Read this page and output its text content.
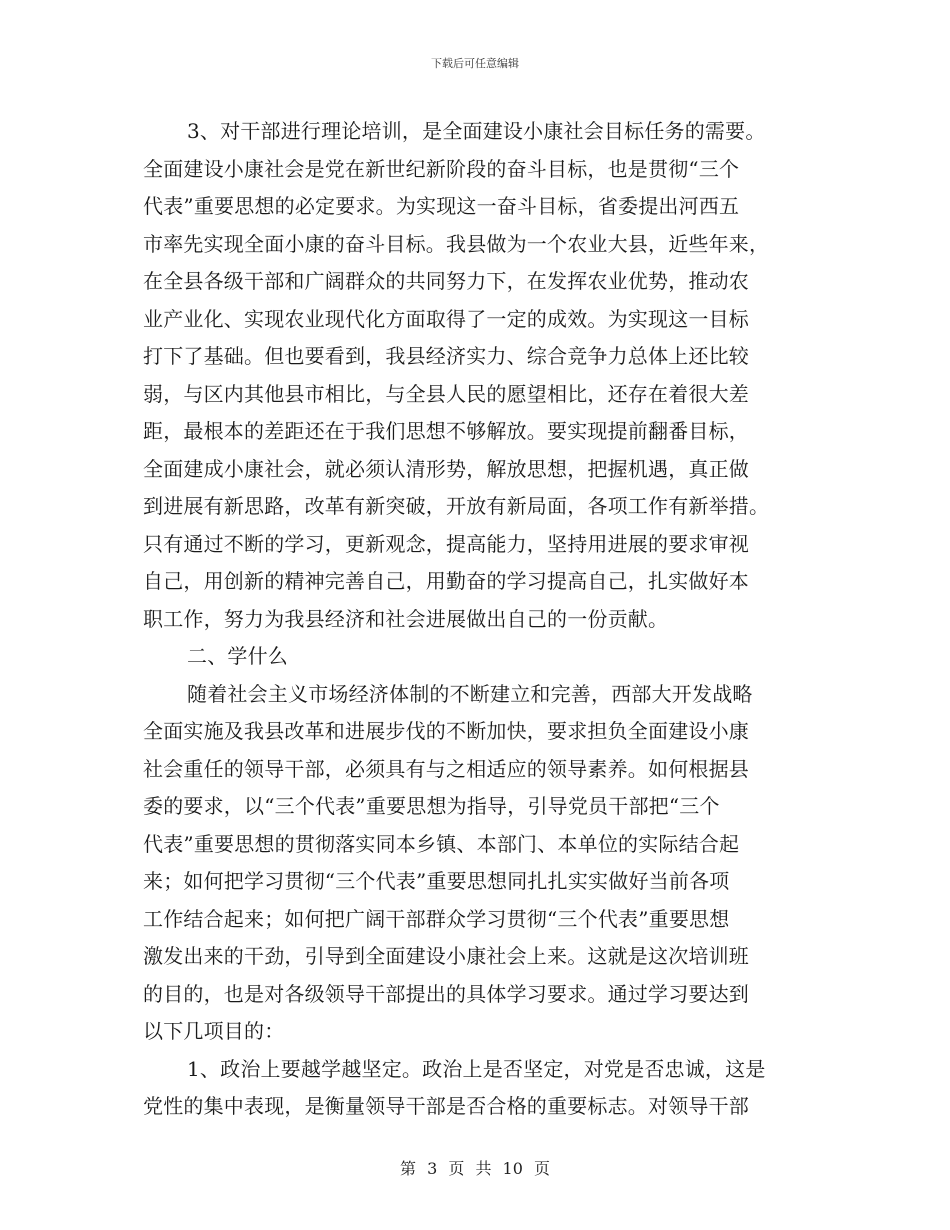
下载后可任意编辑
3、对干部进行理论培训，是全面建设小康社会目标任务的需要。
全面建设小康社会是党在新世纪新阶段的奋斗目标，也是贯彻“三个
代表”重要思想的必定要求。为实现这一奋斗目标，省委提出河西五
市率先实现全面小康的奋斗目标。我县做为一个农业大县，近些年来，
在全县各级干部和广阔群众的共同努力下，在发挥农业优势，推动农
业产业化、实现农业现代化方面取得了一定的成效。为实现这一目标
打下了基础。但也要看到，我县经济实力、综合竞争力总体上还比较
弱，与区内其他县市相比，与全县人民的愿望相比，还存在着很大差
距，最根本的差距还在于我们思想不够解放。要实现提前翻番目标，
全面建成小康社会，就必须认清形势，解放思想，把握机遇，真正做
到进展有新思路，改革有新突破，开放有新局面，各项工作有新举措。
只有通过不断的学习，更新观念，提高能力，坚持用进展的要求审视
自己，用创新的精神完善自己，用勤奋的学习提高自己，扎实做好本
职工作，努力为我县经济和社会进展做出自己的一份贡献。
二、学什么
随着社会主义市场经济体制的不断建立和完善，西部大开发战略
全面实施及我县改革和进展步伐的不断加快，要求担负全面建设小康
社会重任的领导干部，必须具有与之相适应的领导素养。如何根据县
委的要求，以“三个代表”重要思想为指导，引导党员干部把“三个
代表”重要思想的贯彻落实同本乡镇、本部门、本单位的实际结合起
来；如何把学习贯彻“三个代表”重要思想同扎扎实实做好当前各项
工作结合起来；如何把广阔干部群众学习贯彻“三个代表”重要思想
激发出来的干劲，引导到全面建设小康社会上来。这就是这次培训班
的目的，也是对各级领导干部提出的具体学习要求。通过学习要达到
以下几项目的：
1、政治上要越学越坚定。政治上是否坚定，对党是否忠诚，这是
党性的集中表现，是衡量领导干部是否合格的重要标志。对领导干部
第 3 页 共 10 页
